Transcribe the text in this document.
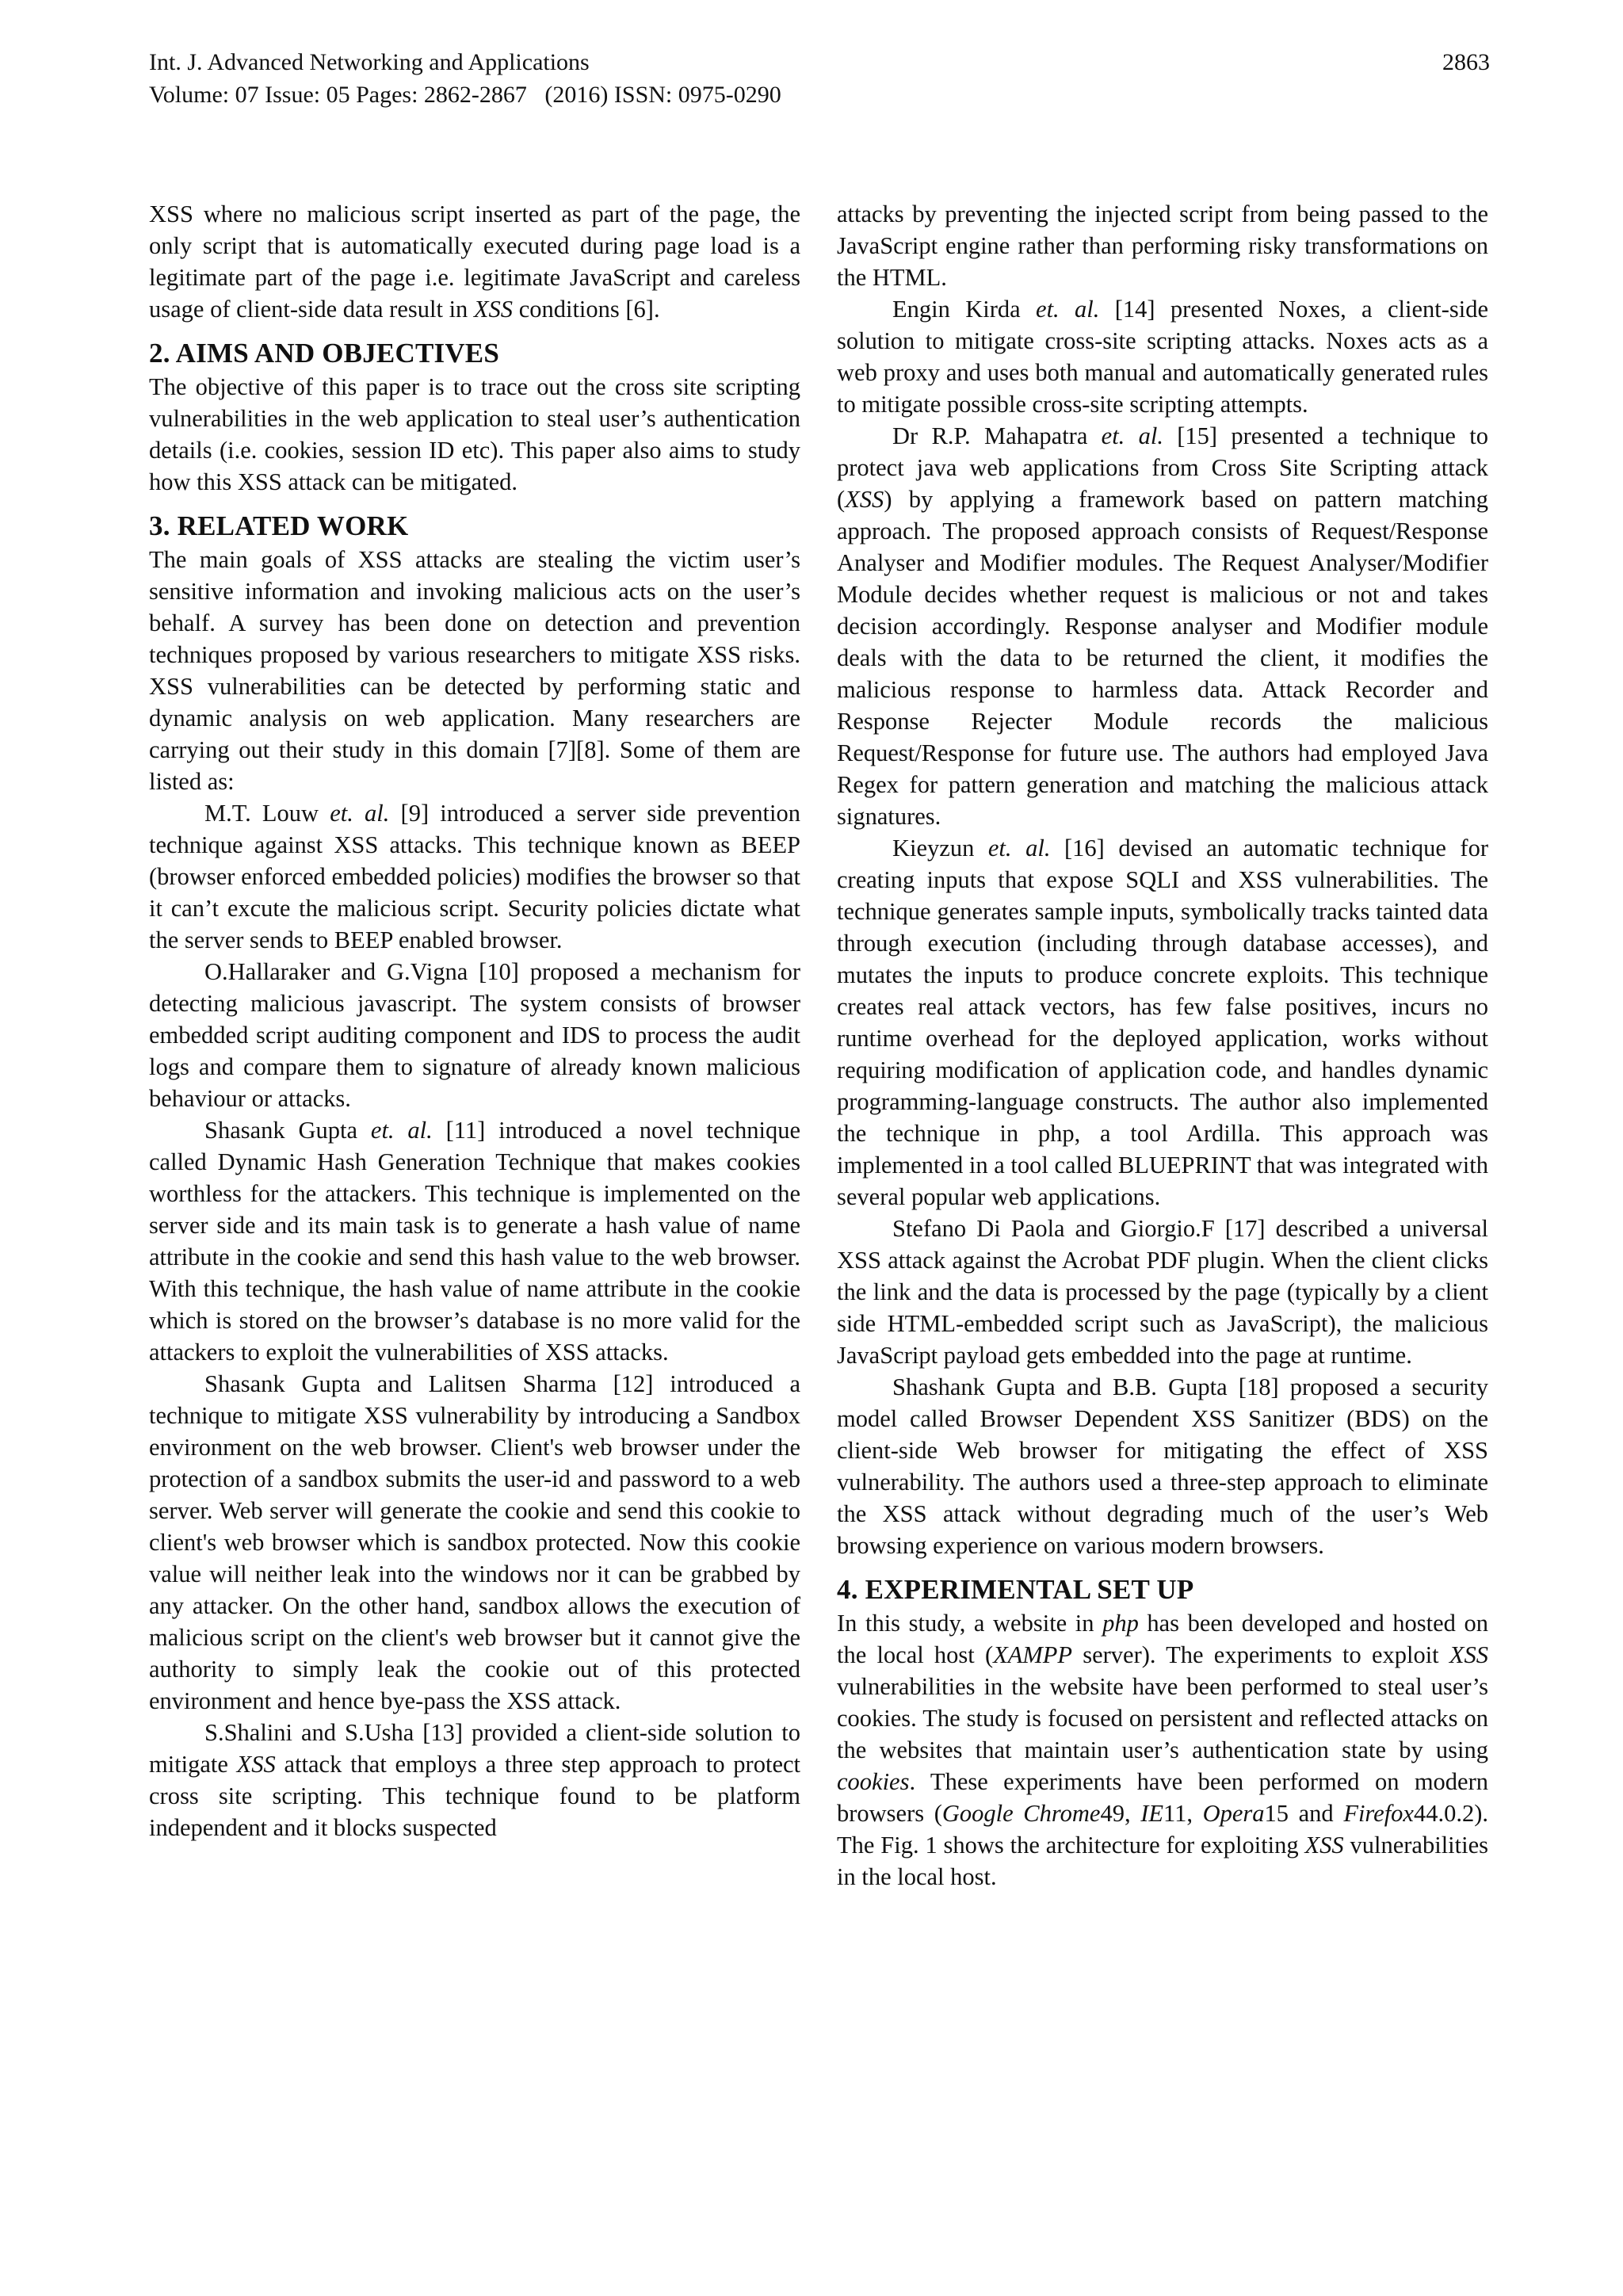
Int. J. Advanced Networking and Applications
Volume: 07 Issue: 05 Pages: 2862-2867   (2016) ISSN: 0975-0290
2863

XSS where no malicious script inserted as part of the page, the only script that is automatically executed during page load is a legitimate part of the page i.e. legitimate JavaScript and careless usage of client-side data result in XSS conditions [6].

2. AIMS AND OBJECTIVES

The objective of this paper is to trace out the cross site scripting vulnerabilities in the web application to steal user’s authentication details (i.e. cookies, session ID etc). This paper also aims to study how this XSS attack can be mitigated.

3. RELATED WORK

The main goals of XSS attacks are stealing the victim user’s sensitive information and invoking malicious acts on the user’s behalf. A survey has been done on detection and prevention techniques proposed by various researchers to mitigate XSS risks. XSS vulnerabilities can be detected by performing static and dynamic analysis on web application. Many researchers are carrying out their study in this domain [7][8]. Some of them are listed as:

M.T. Louw et. al. [9] introduced a server side prevention technique against XSS attacks. This technique known as BEEP (browser enforced embedded policies) modifies the browser so that it can’t excute the malicious script. Security policies dictate what the server sends to BEEP enabled browser.

O.Hallaraker and G.Vigna [10] proposed a mechanism for detecting malicious javascript. The system consists of browser embedded script auditing component and IDS to process the audit logs and compare them to signature of already known malicious behaviour or attacks.

Shasank Gupta et. al. [11] introduced a novel technique called Dynamic Hash Generation Technique that makes cookies worthless for the attackers. This technique is implemented on the server side and its main task is to generate a hash value of name attribute in the cookie and send this hash value to the web browser. With this technique, the hash value of name attribute in the cookie which is stored on the browser’s database is no more valid for the attackers to exploit the vulnerabilities of XSS attacks.

Shasank Gupta and Lalitsen Sharma [12] introduced a technique to mitigate XSS vulnerability by introducing a Sandbox environment on the web browser. Client's web browser under the protection of a sandbox submits the user-id and password to a web server. Web server will generate the cookie and send this cookie to client's web browser which is sandbox protected. Now this cookie value will neither leak into the windows nor it can be grabbed by any attacker. On the other hand, sandbox allows the execution of malicious script on the client's web browser but it cannot give the authority to simply leak the cookie out of this protected environment and hence bye-pass the XSS attack.

S.Shalini and S.Usha [13] provided a client-side solution to mitigate XSS attack that employs a three step approach to protect cross site scripting. This technique found to be platform independent and it blocks suspected

attacks by preventing the injected script from being passed to the JavaScript engine rather than performing risky transformations on the HTML.

Engin Kirda et. al. [14] presented Noxes, a client-side solution to mitigate cross-site scripting attacks. Noxes acts as a web proxy and uses both manual and automatically generated rules to mitigate possible cross-site scripting attempts.

Dr R.P. Mahapatra et. al. [15] presented a technique to protect java web applications from Cross Site Scripting attack (XSS) by applying a framework based on pattern matching approach. The proposed approach consists of Request/Response Analyser and Modifier modules. The Request Analyser/Modifier Module decides whether request is malicious or not and takes decision accordingly. Response analyser and Modifier module deals with the data to be returned the client, it modifies the malicious response to harmless data. Attack Recorder and Response Rejecter Module records the malicious Request/Response for future use. The authors had employed Java Regex for pattern generation and matching the malicious attack signatures.

Kieyzun et. al. [16] devised an automatic technique for creating inputs that expose SQLI and XSS vulnerabilities. The technique generates sample inputs, symbolically tracks tainted data through execution (including through database accesses), and mutates the inputs to produce concrete exploits. This technique creates real attack vectors, has few false positives, incurs no runtime overhead for the deployed application, works without requiring modification of application code, and handles dynamic programming-language constructs. The author also implemented the technique in php, a tool Ardilla. This approach was implemented in a tool called BLUEPRINT that was integrated with several popular web applications.

Stefano Di Paola and Giorgio.F [17] described a universal XSS attack against the Acrobat PDF plugin. When the client clicks the link and the data is processed by the page (typically by a client side HTML-embedded script such as JavaScript), the malicious JavaScript payload gets embedded into the page at runtime.

Shashank Gupta and B.B. Gupta [18] proposed a security model called Browser Dependent XSS Sanitizer (BDS) on the client-side Web browser for mitigating the effect of XSS vulnerability. The authors used a three-step approach to eliminate the XSS attack without degrading much of the user’s Web browsing experience on various modern browsers.

4. EXPERIMENTAL SET UP

In this study, a website in php has been developed and hosted on the local host (XAMPP server). The experiments to exploit XSS vulnerabilities in the website have been performed to steal user’s cookies. The study is focused on persistent and reflected attacks on the websites that maintain user’s authentication state by using cookies. These experiments have been performed on modern browsers (Google Chrome49, IE11, Opera15 and Firefox44.0.2). The Fig. 1 shows the architecture for exploiting XSS vulnerabilities in the local host.
